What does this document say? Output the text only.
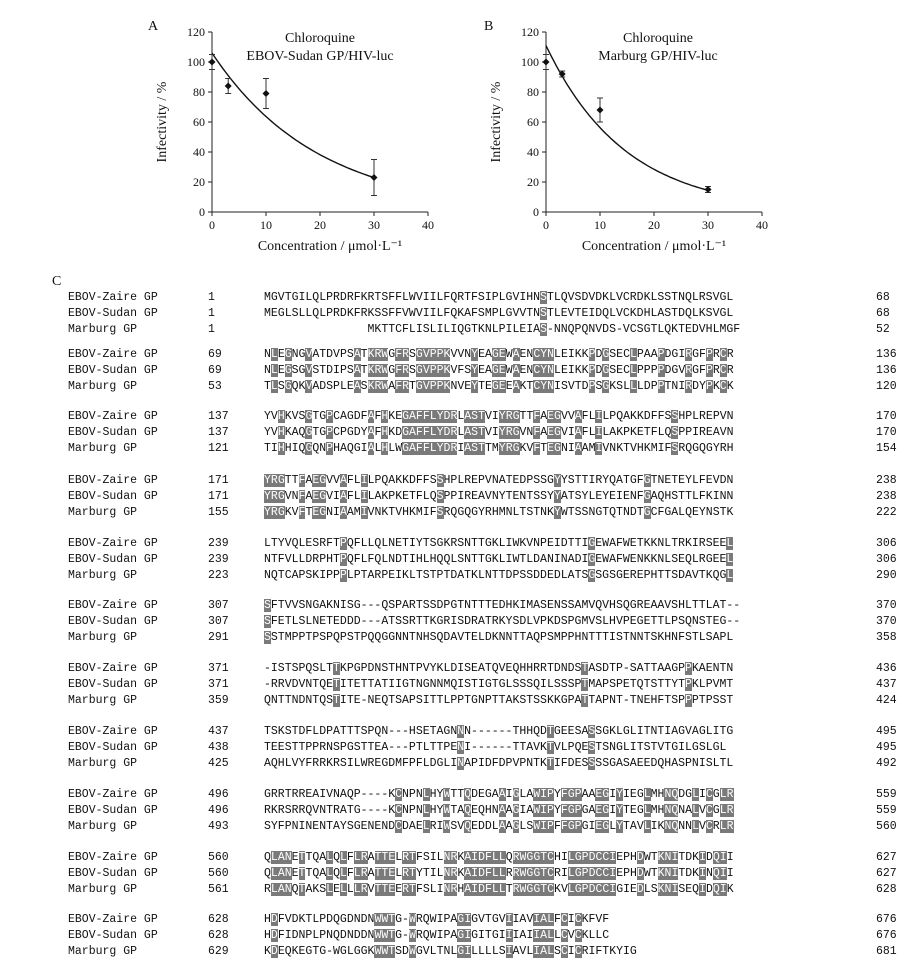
A	B
C
Chloroquine
EBOV-Sudan GP/HIV-luc
Concentration / μmol·L⁻¹
Infectivity / %
0	10	20	30	40
0
20
40
60
80
100
120	Chloroquine
Marburg GP/HIV-luc
Concentration / μmol·L⁻¹
Infectivity / %
0	10	20	30	40
0
20
40
60
80
100
120
EBOV-Zaire GP	1	MGVTGILQLPRDRFKRTSFFLWVIILFQRTFSIPLGVIHNSTLQVSDVDKLVCRDKLSSTNQLRSVGL	68
EBOV-Sudan GP	1	MEGLSLLQLPRDKFRKSSFFVWVIILFQKAFSMPLGVVTNSTLEVTEIDQLVCKDHLASTDQLKSVGL	68
Marburg GP	1	MKTTCFLISLILIQGTKNLPILEIAS-NNQPQNVDS-VCSGTLQKTEDVHLMGF	52
EBOV-Zaire GP	69	NLEGNGVATDVPSATKRWGFRSGVPPKVVNYEAGEWAENCYNLEIKKPDGSECLPAAPDGIRGFPRCR	136
EBOV-Sudan GP	69	NLEGSGVSTDIPSATKRWGFRSGVPPKVFSYEAGEWAENCYNLEIKKPDGSECLPPPPDGVRGFPRCR	136
Marburg GP	53	TLSGQKVADSPLEASKRWAFRTGVPPKNVEYTEGEEAKTCYNISVTDPSGKSLLLDPPTNIRDYPKCK	120
EBOV-Zaire GP	137	YVHKVSGTGPCAGDFAFHKEGAFFLYDRLASTVIYRGTTFAEGVVAFLILPQAKKDFFSSHPLREPVN	170
EBOV-Sudan GP	137	YVHKAQGTGPCPGDYAFHKDGAFFLYDRLASTVIYRGVNFAEGVIAFLILAKPKETFLQSPPIREAVN	170
Marburg GP	121	TIHHIQGQNPHAQGIALHLWGAFFLYDRIASTTMYRGKVFTEGNIAAMIVNKTVHKMIFSRQGQGYRH	154
EBOV-Zaire GP	171	YRGTTFAEGVVAFLILPQAKKDFFSSHPLREPVNATEDPSSGYYSTTIRYQATGFGTNETEYLFEVDN	238
EBOV-Sudan GP	171	YRGVNFAEGVIAFLILAKPKETFLQSPPIREAVNYTENTSSYYATSYLEYEIENFGAQHSTTLFKINN	238
Marburg GP	155	YRGKVFTEGNIAAMIVNKTVHKMIFSRQGQGYRHMNLTSTNKYWTSSNGTQTNDTGCFGALQEYNSTK	222
EBOV-Zaire GP	239	LTYVQLESRFTPQFLLQLNETIYTSGKRSNTTGKLIWKVNPEIDTTIGEWAFWETKKNLTRKIRSEEL	306
EBOV-Sudan GP	239	NTFVLLDRPHTPQFLFQLNDTIHLHQQLSNTTGKLIWTLDANINADIGEWAFWENKKNLSEQLRGEEL	306
Marburg GP	223	NQTCAPSKIPPPLPTARPEIKLTSTPTDATKLNTTDPSSDDEDLATSGSGSGEREPHTTSDAVTKQGL	290
EBOV-Zaire GP	307	SFTVVSNGAKNISG---QSPARTSSDPGTNTTTEDHKIMASENSSAMVQVHSQGREAAVSHLTTLAT--	370
EBOV-Sudan GP	307	SFETLSLNETEDDD---ATSSRTTKGRISDRATRKYSDLVPKDSPGMVSLHVPEGETTLPSQNSTEG--	370
Marburg GP	291	SSTMPPTPSPQPSTPQQGGNNTNHSQDAVTELDKNNTTAQPSMPPHNTTTISTNNTSKHNFSTLSAPL	358
EBOV-Zaire GP	371	-ISTSPQSLTTKPGPDNSTHNTPVYKLDISEATQVEQHHRRTDNDSTASDTP-SATTAAGPPKAENTN	436
EBOV-Sudan GP	371	-RRVDVNTQETITETTATIIGTNGNNMQISTIGTGLSSSQILSSSPTMAPSPETQTSTTYTPKLPVMT	437
Marburg GP	359	QNTTNDNTQSTITE-NEQTSAPSITTLPPTGNPTTAKSTSSKKGPATTAPNT-TNEHFTSPPPTPSST	424
EBOV-Zaire GP	437	TSKSTDFLDPATTTSPQN---HSETAGNNN------THHQDTGEESASSGKLGLITNTIAGVAGLITG	495
EBOV-Sudan GP	438	TEESTTPPRNSPGSTTEA---PTLTTPENI------TTAVKTVLPQESTSNGLITSTVTGILGSLGL	495
Marburg GP	425	AQHLVYFRRKRSILWREGDMFPFLDGLINAPIDFDPVPNTKTIFDESSSSGASAEEDQHASPNISLTL	492
EBOV-Zaire GP	496	GRRTRREAIVNAQP----KCNPNLHYWTTQDEGAAIGLAWIPYFGPAAEGIYIEGLMHNQDGLICGLR	559
EBOV-Sudan GP	496	RKRSRRQVNTRATG----KCNPNLHYWTAQEQHNAAGIAWIPYFGPGAEGIYTEGLMHNQNALVCGLR	559
Marburg GP	493	SYFPNINENTAYSGENENDCDAELRIWSVQEDDLAAGLSWIPFFGPGIEGLYTAVLIKNQNNLVCRLR	560
EBOV-Zaire GP	560	QLANETTQALQLFLRATTELRTFSILNRKAIDFLLQRWGGTCHILGPDCCIEPHDWTKNITDKIDQII	627
EBOV-Sudan GP	560	QLANETTQALQLFLRATTELRTYTILNRKAIDFLLRRWGGTCRILGPDCCIEPHDWTKNITDKINQII	627
Marburg GP	561	RLANQTAKSLELLLRVTTEERTFSLINRHAIDFLLTRWGGTCKVLGPDCCIGIEDLSKNISEQIDQIK	628
EBOV-Zaire GP	628	HDFVDKTLPDQGDNDNWWTG-WRQWIPAGIGVTGVIIAVIALFCICKFVF	676
EBOV-Sudan GP	628	HDFIDNPLPNQDNDDNWWTG-WRQWIPAGIGITGIIIAIIALLCVCKLLC	676
Marburg GP	629	KDEQKEGTG-WGLGGKWWTSDWGVLTNLGILLLLSIAVLIALSCICRIFTKYIG	681
